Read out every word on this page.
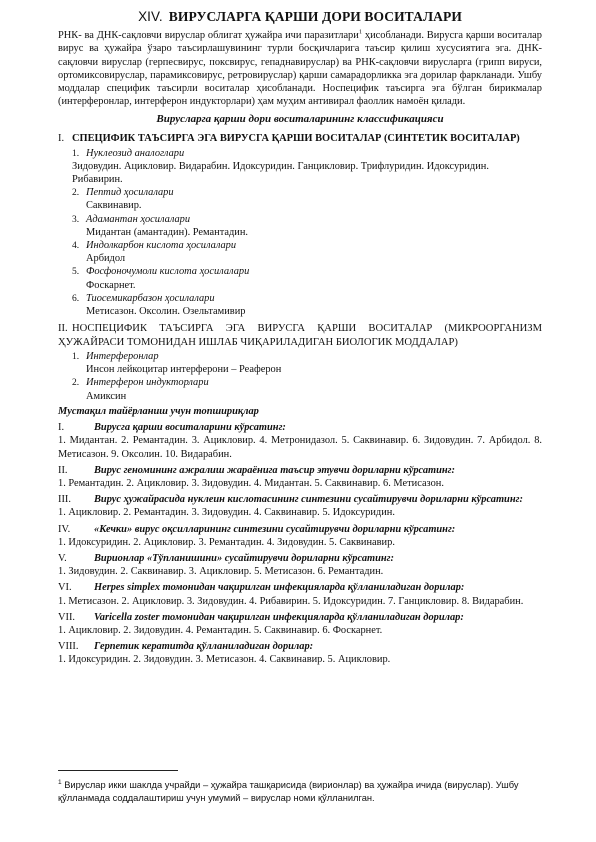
XIV. ВИРУСЛАРГА ҚАРШИ ДОРИ ВОСИТАЛАРИ

РНК- ва ДНК-сақловчи вируслар облигат ҳужайра ичи паразитлари$^1$ ҳисобланади. Вирусга қарши воситалар вирус ва ҳужайра ўзаро таъсирлашувининг турли босқичларига таъсир қилиш хусусиятига эга. ДНК-сақловчи вируслар (герпесвирус, поксвирус, гепаднавируслар) ва РНК-сақловчи вирусларга (грипп вируси, ортомиксовируслар, парамиксовирус, ретровируслар) қарши самарадорликка эга дорилар фаркланади. Ушбу моддалар специфик таъсирли воситалар ҳисобланади. Носпецифик таъсирга эга бўлган бирикмалар (интерферонлар, интерферон индукторлари) ҳам муҳим антивирал фаоллик намоён қилади.

Вирусларга қарши дори воситаларининг классификацияси

I. СПЕЦИФИК ТАЪСИРГА ЭГА ВИРУСГА ҚАРШИ ВОСИТАЛАР (СИНТЕТИК ВОСИТАЛАР)

1. Нуклеозид аналоглари

Зидовудин. Ацикловир. Видарабин. Идоксуридин. Ганцикловир. Трифлуридин. Идоксуридин. Рибавирин.

2. Пептид ҳосилалари

Саквинавир.

3. Адамантан ҳосилалари

Мидантан (амантадин). Ремантадин.

4. Индолкарбон кислота ҳосилалари

Арбидол

5. Фосфоночумоли кислота ҳосилалари

Фоскарнет.

6. Тиосемикарбазон ҳосилалари

Метисазон. Оксолин. Озельтамивир

II. НОСПЕЦИФИК ТАЪСИРГА ЭГА ВИРУСГА ҚАРШИ ВОСИТАЛАР (МИКРООРГАНИЗМ ҲУЖАЙРАСИ ТОМОНИДАН ИШЛАБ ЧИҚАРИЛАДИГАН БИОЛОГИК МОДДАЛАР)

1. Интерферонлар

Инсон лейкоцитар интерферони – Реаферон

2. Интерферон индукторлари

Амиксин

Мустақил тайёрланиш учун топшириқлар

I.	Вирусга қарши воситаларини кўрсатинг:

1. Мидантан. 2. Ремантадин. 3. Ацикловир. 4. Метронидазол. 5. Саквинавир. 6. Зидовудин. 7. Арбидол. 8. Метисазон. 9. Оксолин. 10. Видарабин.

II.	Вирус геномининг ажралиш жараёнига таъсир этувчи дориларни кўрсатинг:

1. Ремантадин. 2. Ацикловир. 3. Зидовудин. 4. Мидантан. 5. Саквинавир. 6. Метисазон.

III. Вирус ҳужайрасида нуклеин кислотасининг синтезини сусайтирувчи дориларни кўрсатинг:

1. Ацикловир. 2. Ремантадин. 3. Зидовудин. 4. Саквинавир. 5. Идоксуридин.

IV. «Кечки» вирус оқсилларининг синтезини сусайтирувчи дориларни кўрсатинг:

1. Идоксуридин. 2. Ацикловир. 3. Ремантадин. 4. Зидовудин. 5. Саквинавир.

V.	Вирионлар «Тўпланишини» сусайтирувчи дориларни кўрсатинг:

1. Зидовудин. 2. Саквинавир. 3. Ацикловир. 5. Метисазон. 6. Ремантадин.

VI. Herpes simplex томонидан чақирилган инфекцияларда қўлланиладиган дорилар:

1. Метисазон. 2. Ацикловир. 3. Зидовудин. 4. Рибавирин. 5. Идоксуридин. 7. Ганцикловир. 8. Видарабин.

VII. Varicella zoster томонидан чақирилган инфекцияларда қўлланиладиган дорилар:

1. Ацикловир. 2. Зидовудин. 4. Ремантадин. 5. Саквинавир. 6. Фоскарнет.

VIII. Герпетик кератитда қўлланиладиган дорилар:

1. Идоксуридин. 2. Зидовудин. 3. Метисазон. 4. Саквинавир. 5. Ацикловир.

$^1$ Вируслар икки шаклда учрайди – ҳужайра ташқарисида (вирионлар) ва ҳужайра ичида (вируслар). Ушбу қўлланмада соддалаштириш учун умумий – вируслар номи қўлланилган.
